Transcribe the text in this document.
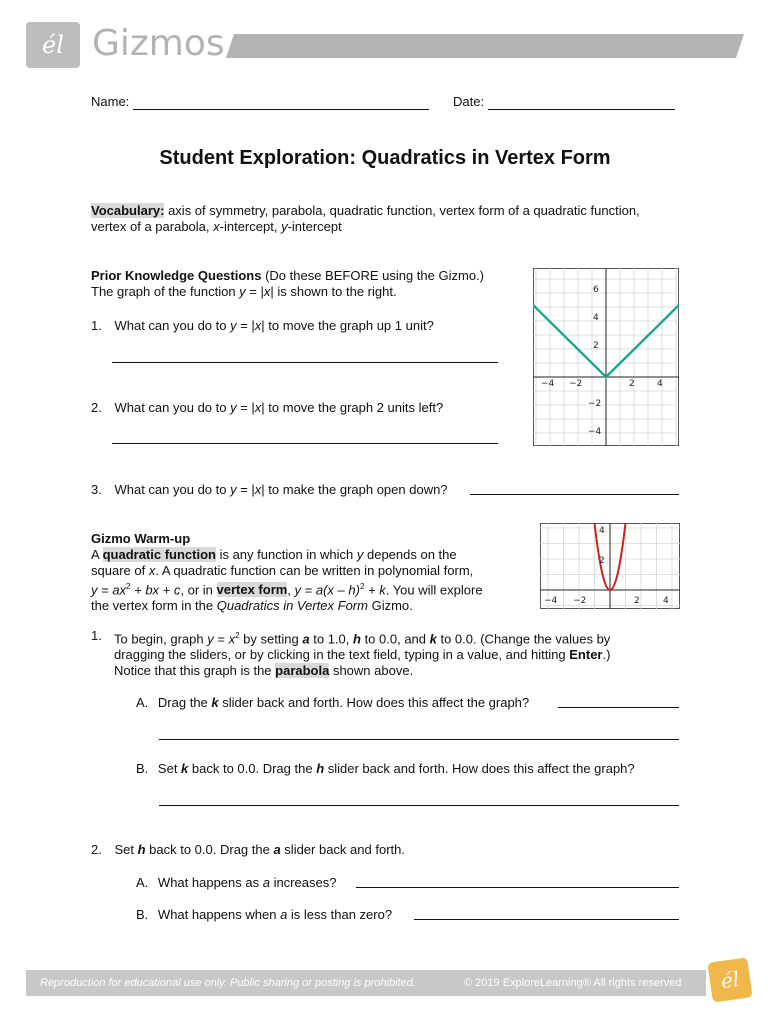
él Gizmos
Name:	Date:
Student Exploration: Quadratics in Vertex Form

Vocabulary: axis of symmetry, parabola, quadratic function, vertex form of a quadratic function,

vertex of a parabola, x-intercept, y-intercept

Prior Knowledge Questions (Do these BEFORE using the Gizmo.)

The graph of the function y = |x| is shown to the right.

1. What can you do to y = |x| to move the graph up 1 unit?
2. What can you do to y = |x| to move the graph 2 units left?
3. What can you do to y = |x| to make the graph open down?
−4 −2	2 4
6
4
2
−2
−4

Gizmo Warm-up

A quadratic function is any function in which y depends on the

square of x. A quadratic function can be written in polynomial form,

$y = ax^2$ + bx + c, or in vertex form, y = a(x – h)$^2$ + k. You will explore

the vertex form in the Quadratics in Vertex Form Gizmo.	−4 −2	2	4
4
2
1. To begin, graph $y = x^2$ by setting a to 1.0, h to 0.0, and k to 0.0. (Change the values by

dragging the sliders, or by clicking in the text field, typing in a value, and hitting Enter.)

Notice that this graph is the parabola shown above.

A. Drag the k slider back and forth. How does this affect the graph?
B. Set k back to 0.0. Drag the h slider back and forth. How does this affect the graph?
2. Set h back to 0.0. Drag the a slider back and forth.
A. What happens as a increases?
B. What happens when a is less than zero?
Reproduction for educational use only. Public sharing or posting is prohibited.	© 2019 ExploreLearning® All rights reserved	él
